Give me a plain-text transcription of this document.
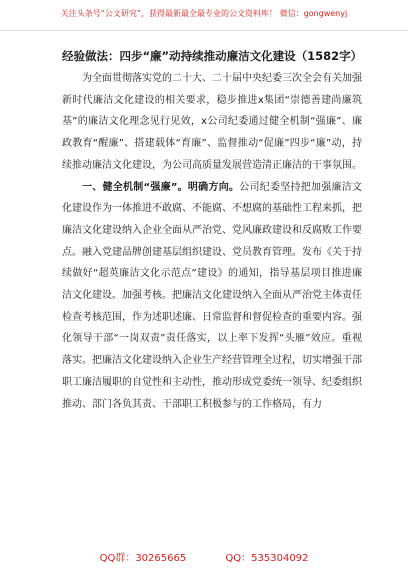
关注头条号“公文研究”，获得最新最全最专业的公文资料库！ 微信：gongwenyj

经验做法：四步“廉”动持续推动廉洁文化建设（1582字）

为全面贯彻落实党的二十大、二十届中央纪委三次全会有关加强新时代廉洁文化建设的相关要求，稳步推进x集团“崇德善建尚廉筑基”的廉洁文化理念见行见效，x公司纪委通过健全机制“强廉”、廉政教育“醒廉”、搭建载体“育廉”、监督推动“促廉”四步“廉”动，持续推动廉洁文化建设，为公司高质量发展营造清正廉洁的干事氛围。

一、健全机制“强廉”。明确方向。公司纪委坚持把加强廉洁文化建设作为一体推进不敢腐、不能腐、不想腐的基础性工程来抓，把廉洁文化建设纳入企业全面从严治党、党风廉政建设和反腐败工作要点。融入党建品牌创建基层组织建设、党员教育管理。发布《关于持续做好“超英廉洁文化示范点”建设》的通知，指导基层项目推进廉洁文化建设。加强考核。把廉洁文化建设纳入全面从严治党主体责任检查考核范围，作为述职述廉、日常监督和督促检查的重要内容。强化领导干部“一岗双责”责任落实，以上率下发挥“头雁”效应。重视落实。把廉洁文化建设纳入企业生产经营管理全过程，切实增强干部职工廉洁履职的自觉性和主动性，推动形成党委统一领导、纪委组织推动、部门各负其责、干部职工积极参与的工作格局，有力

QQ群：30265665	QQ：535304092
